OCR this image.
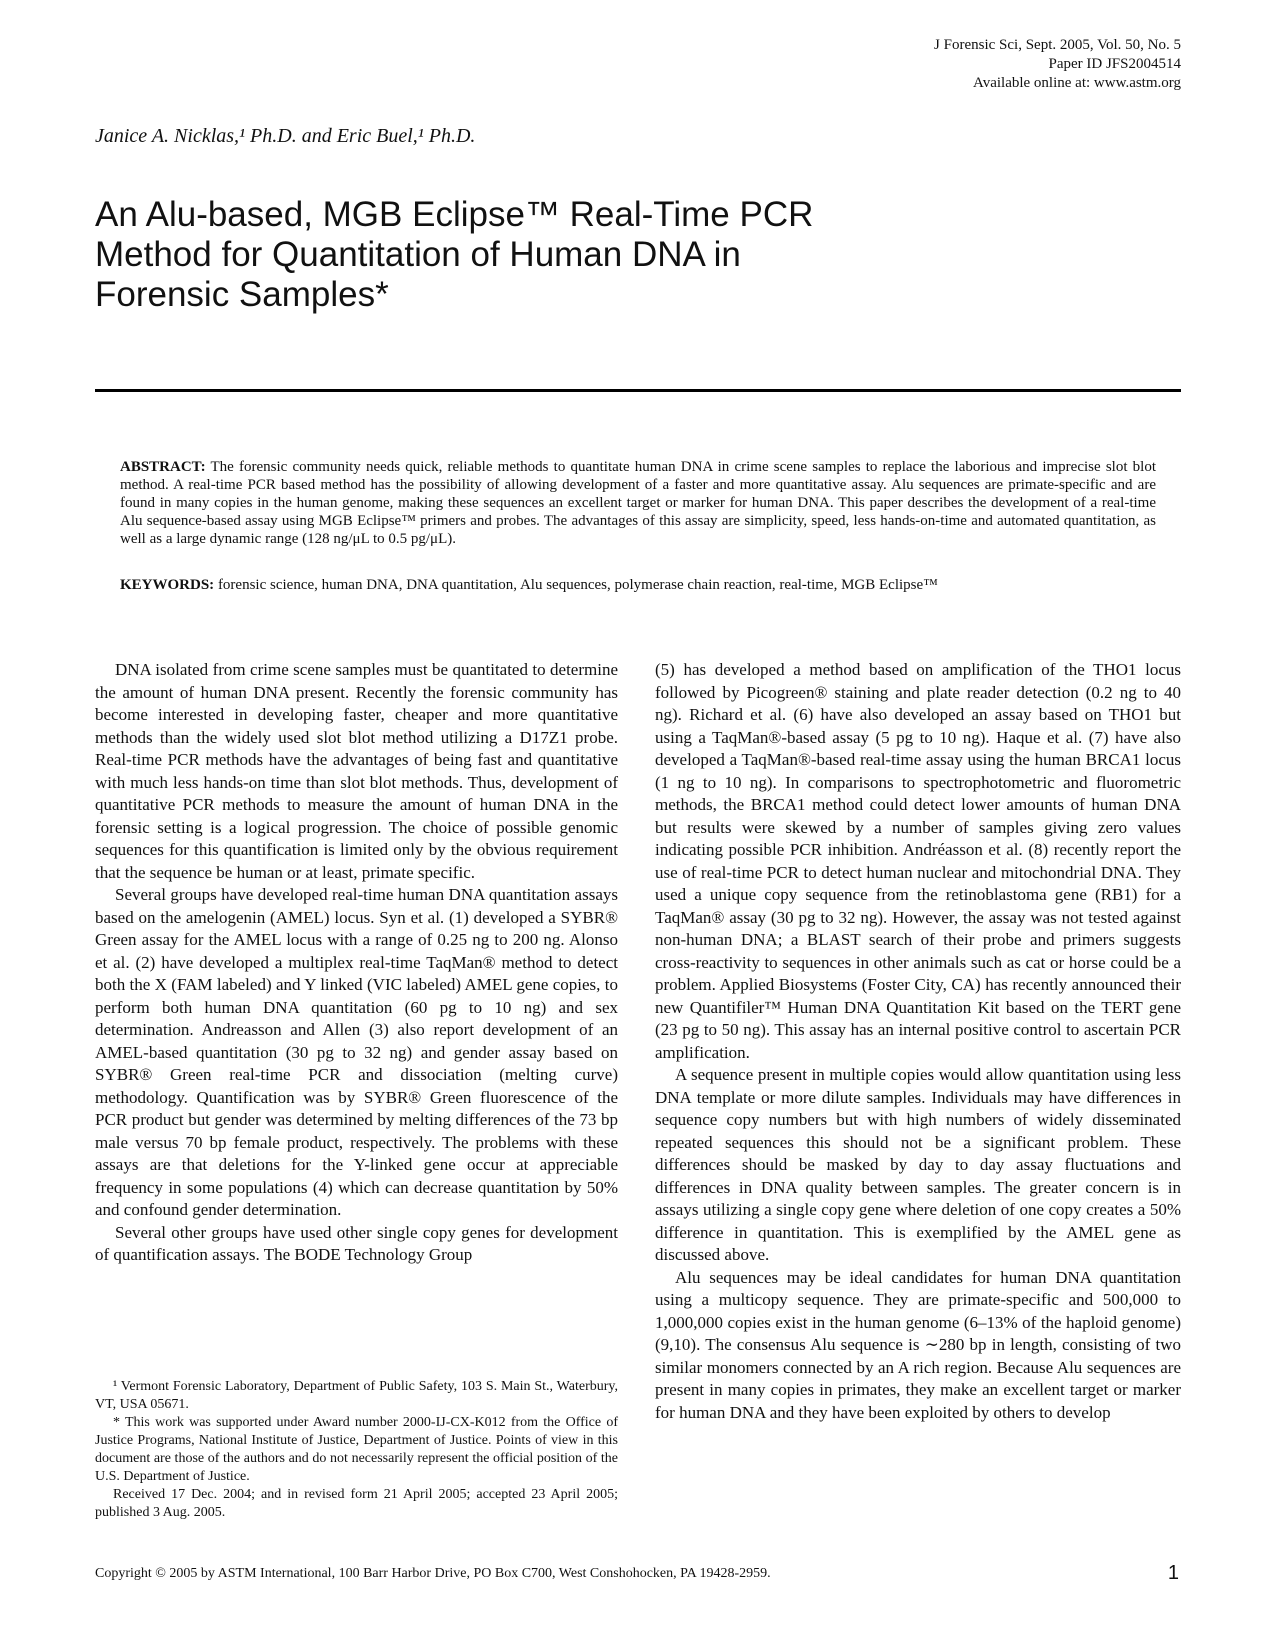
J Forensic Sci, Sept. 2005, Vol. 50, No. 5
Paper ID JFS2004514
Available online at: www.astm.org
Janice A. Nicklas,¹ Ph.D. and Eric Buel,¹ Ph.D.
An Alu-based, MGB Eclipse™ Real-Time PCR
Method for Quantitation of Human DNA in
Forensic Samples*
ABSTRACT: The forensic community needs quick, reliable methods to quantitate human DNA in crime scene samples to replace the laborious and imprecise slot blot method. A real-time PCR based method has the possibility of allowing development of a faster and more quantitative assay. Alu sequences are primate-specific and are found in many copies in the human genome, making these sequences an excellent target or marker for human DNA. This paper describes the development of a real-time Alu sequence-based assay using MGB Eclipse™ primers and probes. The advantages of this assay are simplicity, speed, less hands-on-time and automated quantitation, as well as a large dynamic range (128 ng/μL to 0.5 pg/μL).
KEYWORDS: forensic science, human DNA, DNA quantitation, Alu sequences, polymerase chain reaction, real-time, MGB Eclipse™

DNA isolated from crime scene samples must be quantitated to determine the amount of human DNA present. Recently the forensic community has become interested in developing faster, cheaper and more quantitative methods than the widely used slot blot method utilizing a D17Z1 probe. Real-time PCR methods have the advantages of being fast and quantitative with much less hands-on time than slot blot methods. Thus, development of quantitative PCR methods to measure the amount of human DNA in the forensic setting is a logical progression. The choice of possible genomic sequences for this quantification is limited only by the obvious requirement that the sequence be human or at least, primate specific.

Several groups have developed real-time human DNA quantitation assays based on the amelogenin (AMEL) locus. Syn et al. (1) developed a SYBR® Green assay for the AMEL locus with a range of 0.25 ng to 200 ng. Alonso et al. (2) have developed a multiplex real-time TaqMan® method to detect both the X (FAM labeled) and Y linked (VIC labeled) AMEL gene copies, to perform both human DNA quantitation (60 pg to 10 ng) and sex determination. Andreasson and Allen (3) also report development of an AMEL-based quantitation (30 pg to 32 ng) and gender assay based on SYBR® Green real-time PCR and dissociation (melting curve) methodology. Quantification was by SYBR® Green fluorescence of the PCR product but gender was determined by melting differences of the 73 bp male versus 70 bp female product, respectively. The problems with these assays are that deletions for the Y-linked gene occur at appreciable frequency in some populations (4) which can decrease quantitation by 50% and confound gender determination.

Several other groups have used other single copy genes for development of quantification assays. The BODE Technology Group

(5) has developed a method based on amplification of the THO1 locus followed by Picogreen® staining and plate reader detection (0.2 ng to 40 ng). Richard et al. (6) have also developed an assay based on THO1 but using a TaqMan®-based assay (5 pg to 10 ng). Haque et al. (7) have also developed a TaqMan®-based real-time assay using the human BRCA1 locus (1 ng to 10 ng). In comparisons to spectrophotometric and fluorometric methods, the BRCA1 method could detect lower amounts of human DNA but results were skewed by a number of samples giving zero values indicating possible PCR inhibition. Andréasson et al. (8) recently report the use of real-time PCR to detect human nuclear and mitochondrial DNA. They used a unique copy sequence from the retinoblastoma gene (RB1) for a TaqMan® assay (30 pg to 32 ng). However, the assay was not tested against non-human DNA; a BLAST search of their probe and primers suggests cross-reactivity to sequences in other animals such as cat or horse could be a problem. Applied Biosystems (Foster City, CA) has recently announced their new Quantifiler™ Human DNA Quantitation Kit based on the TERT gene (23 pg to 50 ng). This assay has an internal positive control to ascertain PCR amplification.

A sequence present in multiple copies would allow quantitation using less DNA template or more dilute samples. Individuals may have differences in sequence copy numbers but with high numbers of widely disseminated repeated sequences this should not be a significant problem. These differences should be masked by day to day assay fluctuations and differences in DNA quality between samples. The greater concern is in assays utilizing a single copy gene where deletion of one copy creates a 50% difference in quantitation. This is exemplified by the AMEL gene as discussed above.

Alu sequences may be ideal candidates for human DNA quantitation using a multicopy sequence. They are primate-specific and 500,000 to 1,000,000 copies exist in the human genome (6–13% of the haploid genome) (9,10). The consensus Alu sequence is ∼280 bp in length, consisting of two similar monomers connected by an A rich region. Because Alu sequences are present in many copies in primates, they make an excellent target or marker for human DNA and they have been exploited by others to develop

¹ Vermont Forensic Laboratory, Department of Public Safety, 103 S. Main St., Waterbury, VT, USA 05671.

* This work was supported under Award number 2000-IJ-CX-K012 from the Office of Justice Programs, National Institute of Justice, Department of Justice. Points of view in this document are those of the authors and do not necessarily represent the official position of the U.S. Department of Justice.

Received 17 Dec. 2004; and in revised form 21 April 2005; accepted 23 April 2005; published 3 Aug. 2005.

Copyright © 2005 by ASTM International, 100 Barr Harbor Drive, PO Box C700, West Conshohocken, PA 19428-2959.	1
